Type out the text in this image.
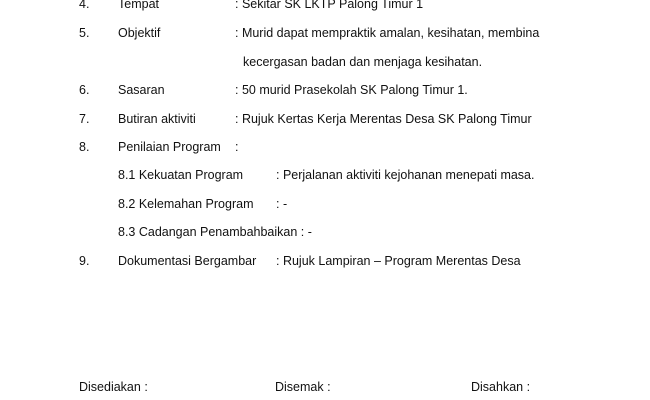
4. Tempat	: Sekitar SK LKTP Palong Timur 1
5. Objektif	: Murid dapat mempraktik amalan, kesihatan, membina
kecergasan badan dan menjaga kesihatan.
6. Sasaran	: 50 murid Prasekolah SK Palong Timur 1.
7. Butiran aktiviti	: Rujuk Kertas Kerja Merentas Desa SK Palong Timur
8. Penilaian Program :
8.1 Kekuatan Program	: Perjalanan aktiviti kejohanan menepati masa.
8.2 Kelemahan Program : -
8.3 Cadangan Penambahbaikan : -
9. Dokumentasi Bergambar : Rujuk Lampiran – Program Merentas Desa
Disediakan :	Disemak :	Disahkan :
